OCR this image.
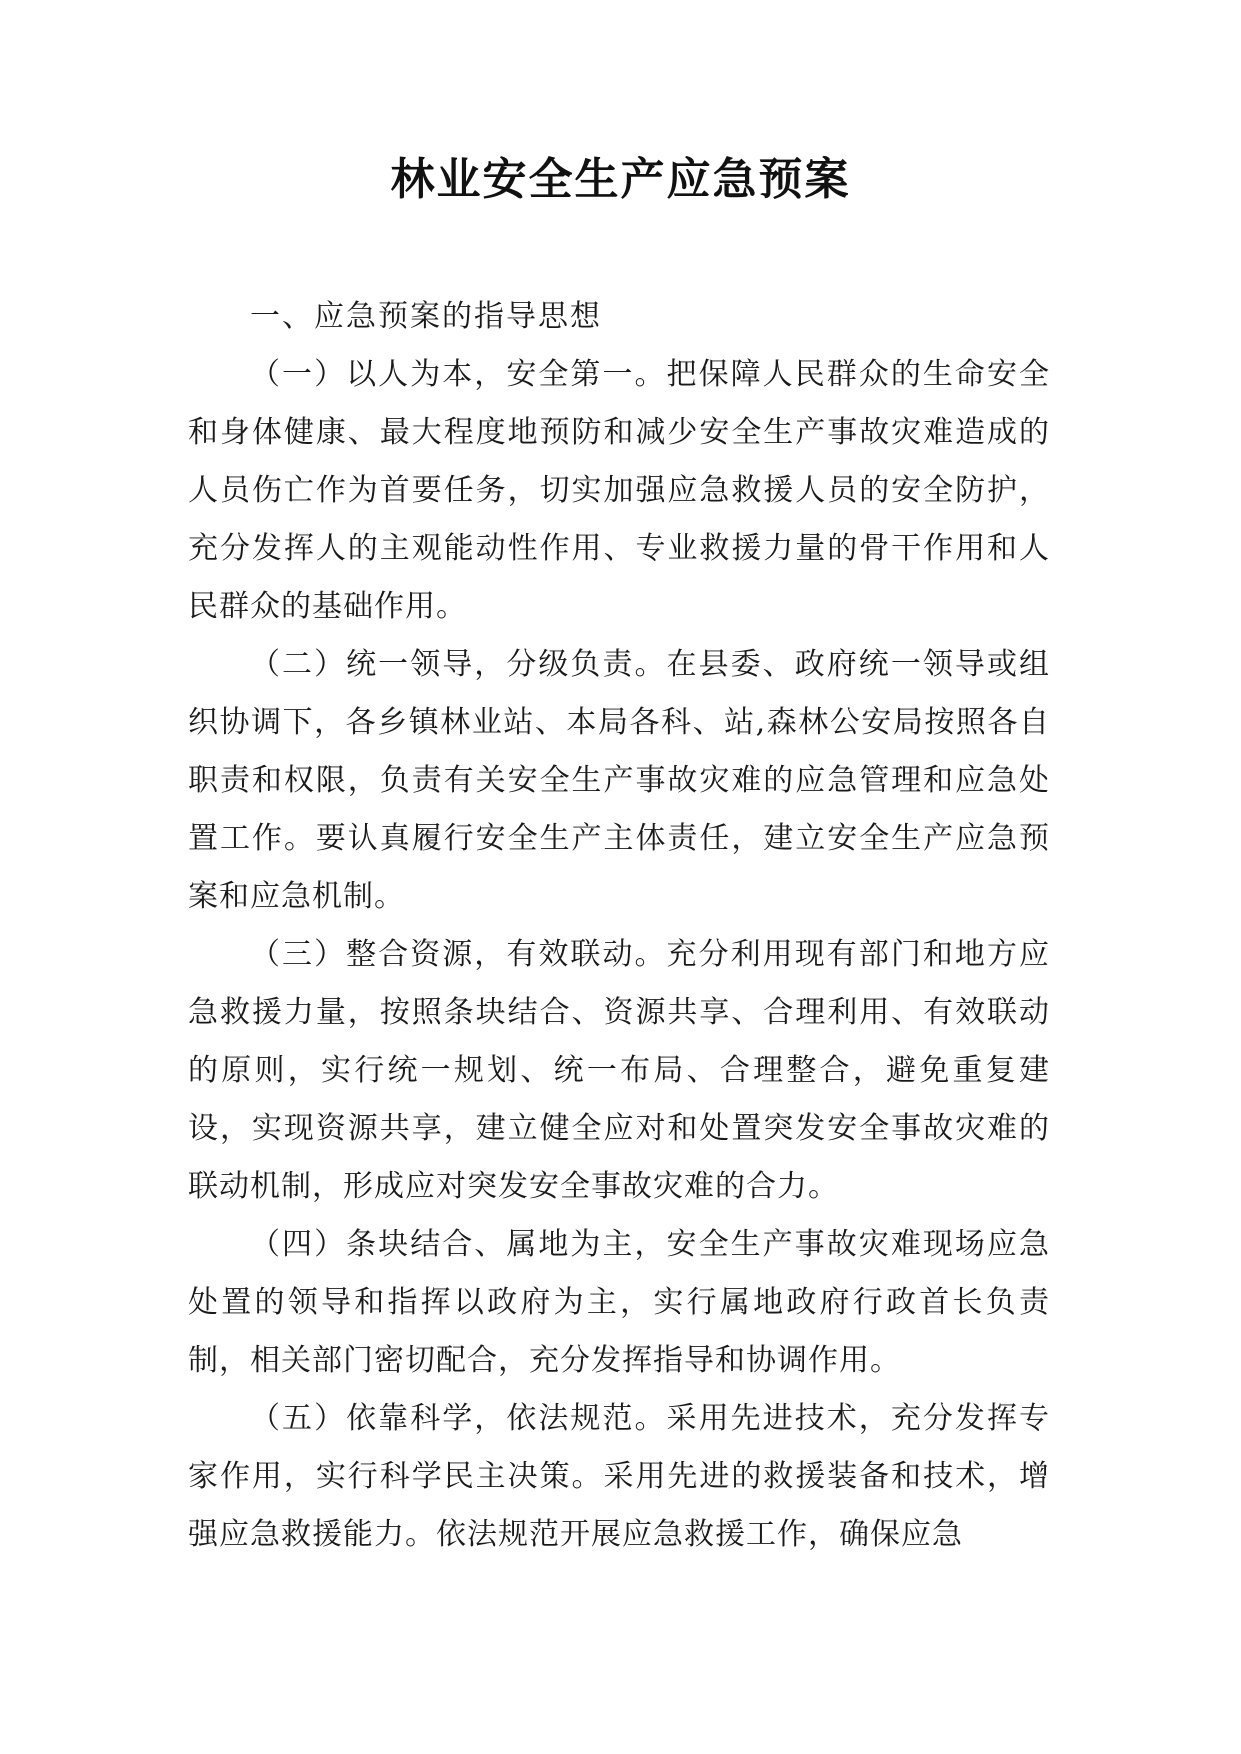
林业安全生产应急预案

一、应急预案的指导思想

（一）以人为本，安全第一。把保障人民群众的生命安全和身体健康、最大程度地预防和减少安全生产事故灾难造成的人员伤亡作为首要任务，切实加强应急救援人员的安全防护，充分发挥人的主观能动性作用、专业救援力量的骨干作用和人民群众的基础作用。

（二）统一领导，分级负责。在县委、政府统一领导或组织协调下，各乡镇林业站、本局各科、站,森林公安局按照各自职责和权限，负责有关安全生产事故灾难的应急管理和应急处置工作。要认真履行安全生产主体责任，建立安全生产应急预案和应急机制。

（三）整合资源，有效联动。充分利用现有部门和地方应急救援力量，按照条块结合、资源共享、合理利用、有效联动的原则，实行统一规划、统一布局、合理整合，避免重复建设，实现资源共享，建立健全应对和处置突发安全事故灾难的联动机制，形成应对突发安全事故灾难的合力。

（四）条块结合、属地为主，安全生产事故灾难现场应急处置的领导和指挥以政府为主，实行属地政府行政首长负责制，相关部门密切配合，充分发挥指导和协调作用。

（五）依靠科学，依法规范。采用先进技术，充分发挥专家作用，实行科学民主决策。采用先进的救援装备和技术，增强应急救援能力。依法规范开展应急救援工作，确保应急
